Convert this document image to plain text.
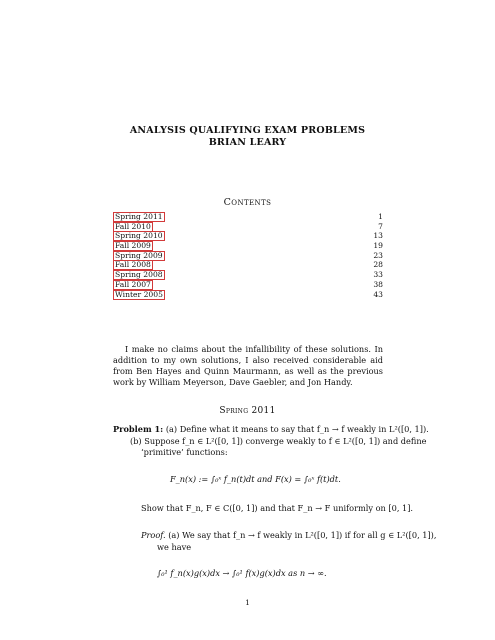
ANALYSIS QUALIFYING EXAM PROBLEMS
BRIAN LEARY
Contents
Spring 2011	1
Fall 2010	7
Spring 2010	13
Fall 2009	19
Spring 2009	23
Fall 2008	28
Spring 2008	33
Fall 2007	38
Winter 2005	43
I make no claims about the infallibility of these solutions. In addition to my own solutions, I also received considerable aid from Ben Hayes and Quinn Maurmann, as well as the previous work by William Meyerson, Dave Gaebler, and Jon Handy.
Spring 2011
Problem 1: (a) Define what it means to say that f_n → f weakly in L²([0, 1]).
(b) Suppose f_n ∈ L²([0, 1]) converge weakly to f ∈ L²([0, 1]) and define
‘primitive’ functions:
F_n(x) := ∫₀ˣ f_n(t)dt and F(x) = ∫₀ˣ f(t)dt.
Show that F_n, F ∈ C([0, 1]) and that F_n → F uniformly on [0, 1].
Proof. (a) We say that f_n → f weakly in L²([0, 1]) if for all g ∈ L²([0, 1]),
we have
∫₀¹ f_n(x)g(x)dx → ∫₀¹ f(x)g(x)dx as n → ∞.
1
